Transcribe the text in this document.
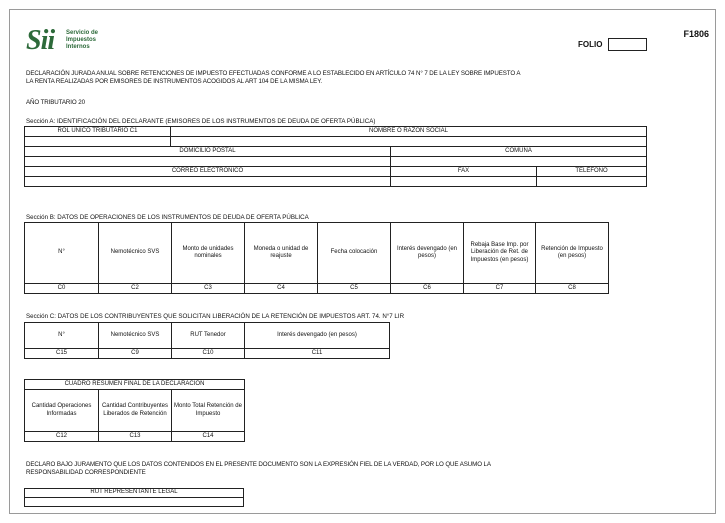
Sii Servicio de
Impuestos
Internos
F1806
FOLIO
DECLARACIÓN JURADA ANUAL SOBRE RETENCIONES DE IMPUESTO EFECTUADAS CONFORME A LO ESTABLECIDO EN ARTÍCULO 74 N° 7 DE LA LEY SOBRE IMPUESTO A
LA RENTA REALIZADAS POR EMISORES DE INSTRUMENTOS ACOGIDOS AL ART 104 DE LA MISMA LEY.
AÑO TRIBUTARIO 20
Sección A: IDENTIFICACIÓN DEL DECLARANTE (EMISORES DE LOS INSTRUMENTOS DE DEUDA DE OFERTA PÚBLICA)
ROL ÚNICO TRIBUTARIO C1	NOMBRE O RAZÓN SOCIAL		

DOMICILIO POSTAL		COMUNA	

CORREO ELECTRÓNICO		FAX	TELÉFONO

Sección B: DATOS DE OPERACIONES DE LOS INSTRUMENTOS DE DEUDA DE OFERTA PÚBLICA
N°	Nemotécnico SVS	Monto de unidades nominales	Moneda o unidad de reajuste	Fecha colocación	Interés devengado (en pesos)	Rebaja Base Imp. por Liberación de Ret. de Impuestos (en pesos)	Retención de Impuesto (en pesos)
C0	C2	C3	C4	C5	C6	C7	C8
Sección C: DATOS DE LOS CONTRIBUYENTES QUE SOLICITAN LIBERACIÓN DE LA RETENCIÓN DE IMPUESTOS ART. 74. N°7 LIR
N°	Nemotécnico SVS	RUT Tenedor	Interés devengado (en pesos)
C15	C9	C10	C11
CUADRO RESUMEN FINAL DE LA DECLARACIÓN		
Cantidad Operaciones Informadas	Cantidad Contribuyentes Liberados de Retención	Monto Total Retención de Impuesto
C12	C13	C14
DECLARO BAJO JURAMENTO QUE LOS DATOS CONTENIDOS EN EL PRESENTE DOCUMENTO SON LA EXPRESIÓN FIEL DE LA VERDAD, POR LO QUE ASUMO LA
RESPONSABILIDAD CORRESPONDIENTE
RUT REPRESENTANTE LEGAL
